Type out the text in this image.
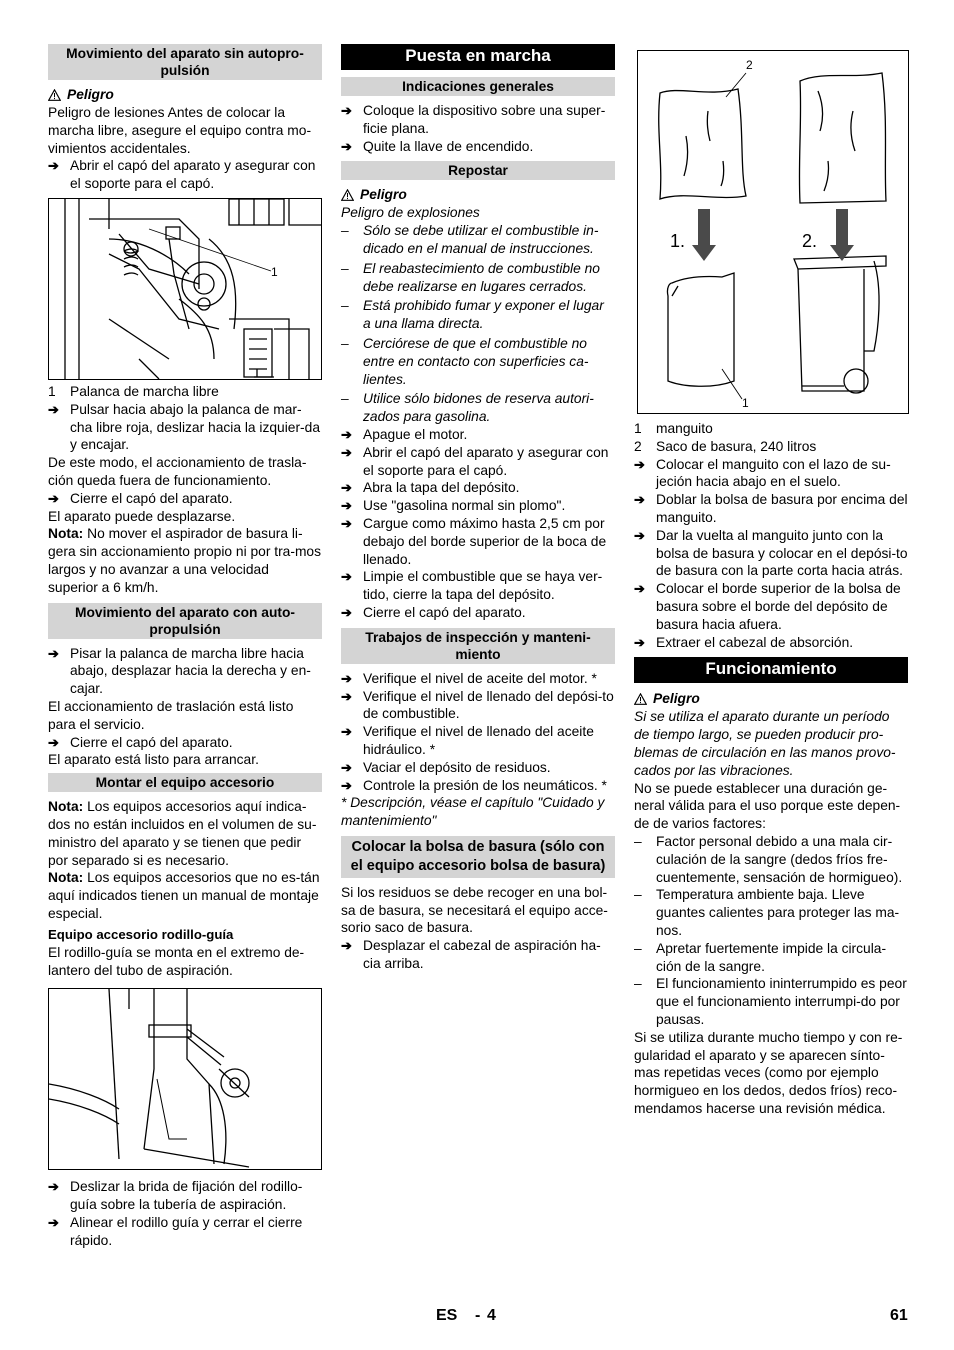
Movimiento del aparato sin autopro-pulsión
Peligro

Peligro de lesiones Antes de colocar la marcha libre, asegure el equipo contra mo-vimientos accidentales.

➔ Abrir el capó del aparato y asegurar con el soporte para el capó.
1
1	Palanca de marcha libre
➔ Pulsar hacia abajo la palanca de mar-cha libre roja, deslizar hacia la izquier-da y encajar.

De este modo, el accionamiento de trasla-ción queda fuera de funcionamiento.

➔ Cierre el capó del aparato.

El aparato puede desplazarse.

Nota: No mover el aspirador de basura li-gera sin accionamiento propio ni por tra-mos largos y no avanzar a una velocidad superior a 6 km/h.

Movimiento del aparato con auto-propulsión
➔ Pisar la palanca de marcha libre hacia abajo, desplazar hacia la derecha y en-cajar.

El accionamiento de traslación está listo para el servicio.

➔ Cierre el capó del aparato.

El aparato está listo para arrancar.

Montar el equipo accesorio

Nota: Los equipos accesorios aquí indica-dos no están incluidos en el volumen de su-ministro del aparato y se tienen que pedir por separado si es necesario.

Nota: Los equipos accesorios que no es-tán aquí indicados tienen un manual de montaje especial.

Equipo accesorio rodillo-guía

El rodillo-guía se monta en el extremo de-lantero del tubo de aspiración.

➔ Deslizar la brida de fijación del rodillo-guía sobre la tubería de aspiración.
➔ Alinear el rodillo guía y cerrar el cierre rápido.
Puesta en marcha
Indicaciones generales
➔ Coloque la dispositivo sobre una super-ficie plana.
➔ Quite la llave de encendido.
Repostar
Peligro

Peligro de explosiones

–	Sólo se debe utilizar el combustible in-dicado en el manual de instrucciones.
–	El reabastecimiento de combustible no debe realizarse en lugares cerrados.
–	Está prohibido fumar y exponer el lugar a una llama directa.
–	Cerciórese de que el combustible no entre en contacto con superficies ca-lientes.
–	Utilice sólo bidones de reserva autori-zados para gasolina.
➔ Apague el motor.
➔ Abrir el capó del aparato y asegurar con el soporte para el capó.
➔ Abra la tapa del depósito.
➔ Use "gasolina normal sin plomo".
➔ Cargue como máximo hasta 2,5 cm por debajo del borde superior de la boca de llenado.
➔ Limpie el combustible que se haya ver-tido, cierre la tapa del depósito.
➔ Cierre el capó del aparato.
Trabajos de inspección y manteni-miento
➔ Verifique el nivel de aceite del motor. *
➔ Verifique el nivel de llenado del depósi-to de combustible.
➔ Verifique el nivel de llenado del aceite hidráulico. *
➔ Vaciar el depósito de residuos.
➔ Controle la presión de los neumáticos. *

* Descripción, véase el capítulo "Cuidado y mantenimiento"

Colocar la bolsa de basura (sólo con el equipo accesorio bolsa de basura)

Si los residuos se debe recoger en una bol-sa de basura, se necesitará el equipo acce-sorio saco de basura.

➔ Desplazar el cabezal de aspiración ha-cia arriba.
2
1
1.	2.
1	manguito
2	Saco de basura, 240 litros
➔ Colocar el manguito con el lazo de su-jeción hacia abajo en el suelo.
➔ Doblar la bolsa de basura por encima del manguito.
➔ Dar la vuelta al manguito junto con la bolsa de basura y colocar en el depósi-to de basura con la parte corta hacia atrás.
➔ Colocar el borde superior de la bolsa de basura sobre el borde del depósito de basura hacia afuera.
➔ Extraer el cabezal de absorción.
Funcionamiento
Peligro

Si se utiliza el aparato durante un período de tiempo largo, se pueden producir pro-blemas de circulación en las manos provo-cados por las vibraciones.

No se puede establecer una duración ge-neral válida para el uso porque este depen-de de varios factores:

–	Factor personal debido a una mala cir-culación de la sangre (dedos fríos fre-cuentemente, sensación de hormigueo).
–	Temperatura ambiente baja. Lleve guantes calientes para proteger las ma-nos.
–	Apretar fuertemente impide la circula-ción de la sangre.
–	El funcionamiento ininterrumpido es peor que el funcionamiento interrumpi-do por pausas.

Si se utiliza durante mucho tiempo y con re-gularidad el aparato y se aparecen sínto-mas repetidas veces (como por ejemplo hormigueo en los dedos, dedos fríos) reco-mendamos hacerse una revisión médica.

ES - 4	61
